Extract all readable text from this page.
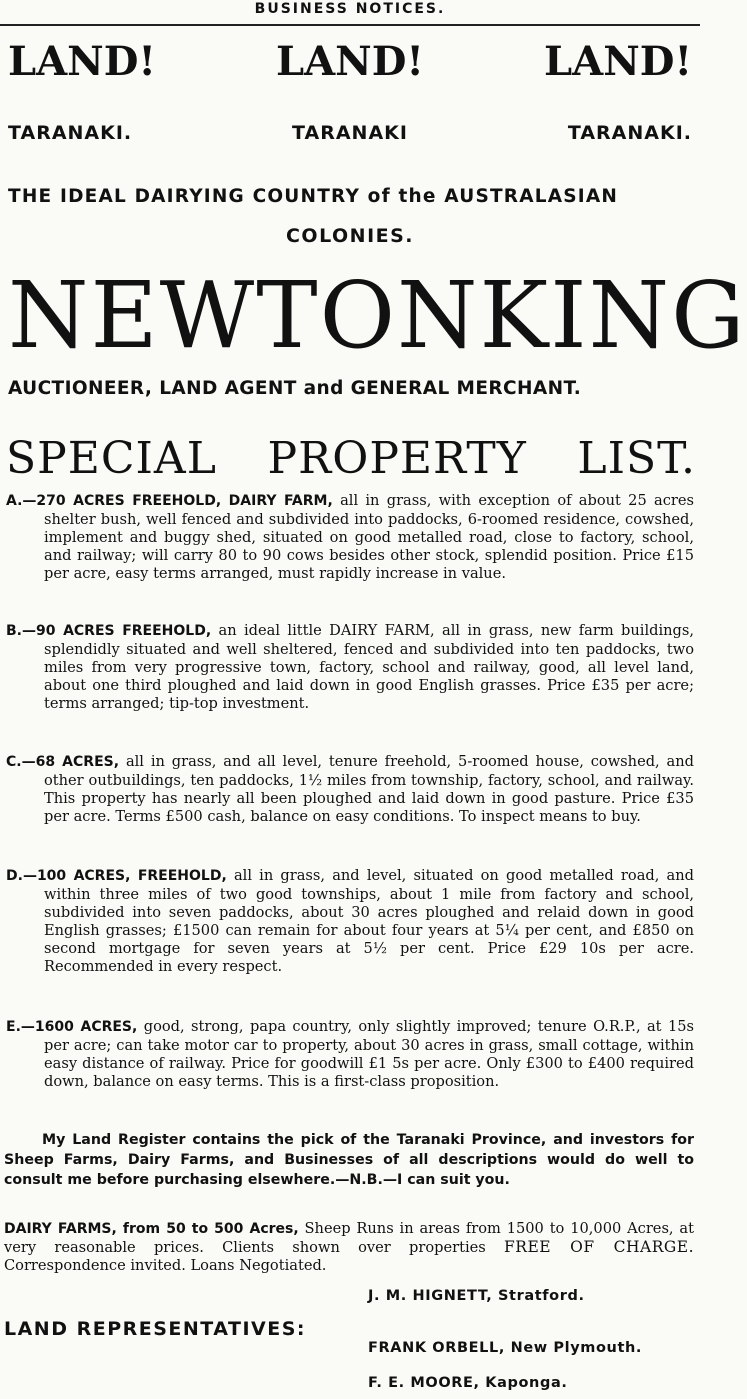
BUSINESS NOTICES.
LAND!	LAND!	LAND!
TARANAKI.	TARANAKI	TARANAKI.
THE IDEAL DAIRYING COUNTRY of the AUSTRALASIAN
COLONIES.
NEWTON KING
AUCTIONEER, LAND AGENT and GENERAL MERCHANT.
SPECIAL PROPERTY LIST.
A.—270 ACRES FREEHOLD, DAIRY FARM, all in grass, with exception of about 25 acres shelter bush, well fenced and subdivided into paddocks, 6-roomed residence, cowshed, implement and buggy shed, situated on good metalled road, close to factory, school, and railway; will carry 80 to 90 cows besides other stock, splendid position. Price £15 per acre, easy terms arranged, must rapidly increase in value.
B.—90 ACRES FREEHOLD, an ideal little DAIRY FARM, all in grass, new farm buildings, splendidly situated and well sheltered, fenced and subdivided into ten paddocks, two miles from very progressive town, factory, school and railway, good, all level land, about one third ploughed and laid down in good English grasses. Price £35 per acre; terms arranged; tip-top investment.
C.—68 ACRES, all in grass, and all level, tenure freehold, 5-roomed house, cowshed, and other outbuildings, ten paddocks, 1½ miles from township, factory, school, and railway. This property has nearly all been ploughed and laid down in good pasture. Price £35 per acre. Terms £500 cash, balance on easy conditions. To inspect means to buy.
D.—100 ACRES, FREEHOLD, all in grass, and level, situated on good metalled road, and within three miles of two good townships, about 1 mile from factory and school, subdivided into seven paddocks, about 30 acres ploughed and relaid down in good English grasses; £1500 can remain for about four years at 5¼ per cent, and £850 on second mortgage for seven years at 5½ per cent. Price £29 10s per acre. Recommended in every respect.
E.—1600 ACRES, good, strong, papa country, only slightly improved; tenure O.R.P., at 15s per acre; can take motor car to property, about 30 acres in grass, small cottage, within easy distance of railway. Price for goodwill £1 5s per acre. Only £300 to £400 required down, balance on easy terms. This is a first-class proposition.
My Land Register contains the pick of the Taranaki Province, and investors for Sheep Farms, Dairy Farms, and Businesses of all descriptions would do well to consult me before purchasing elsewhere.—N.B.—I can suit you.
DAIRY FARMS, from 50 to 500 Acres, Sheep Runs in areas from 1500 to 10,000 Acres, at very reasonable prices. Clients shown over properties FREE OF CHARGE. Correspondence invited. Loans Negotiated.
LAND REPRESENTATIVES:
J. M. HIGNETT, Stratford.
FRANK ORBELL, New Plymouth.
F. E. MOORE, Kaponga.
